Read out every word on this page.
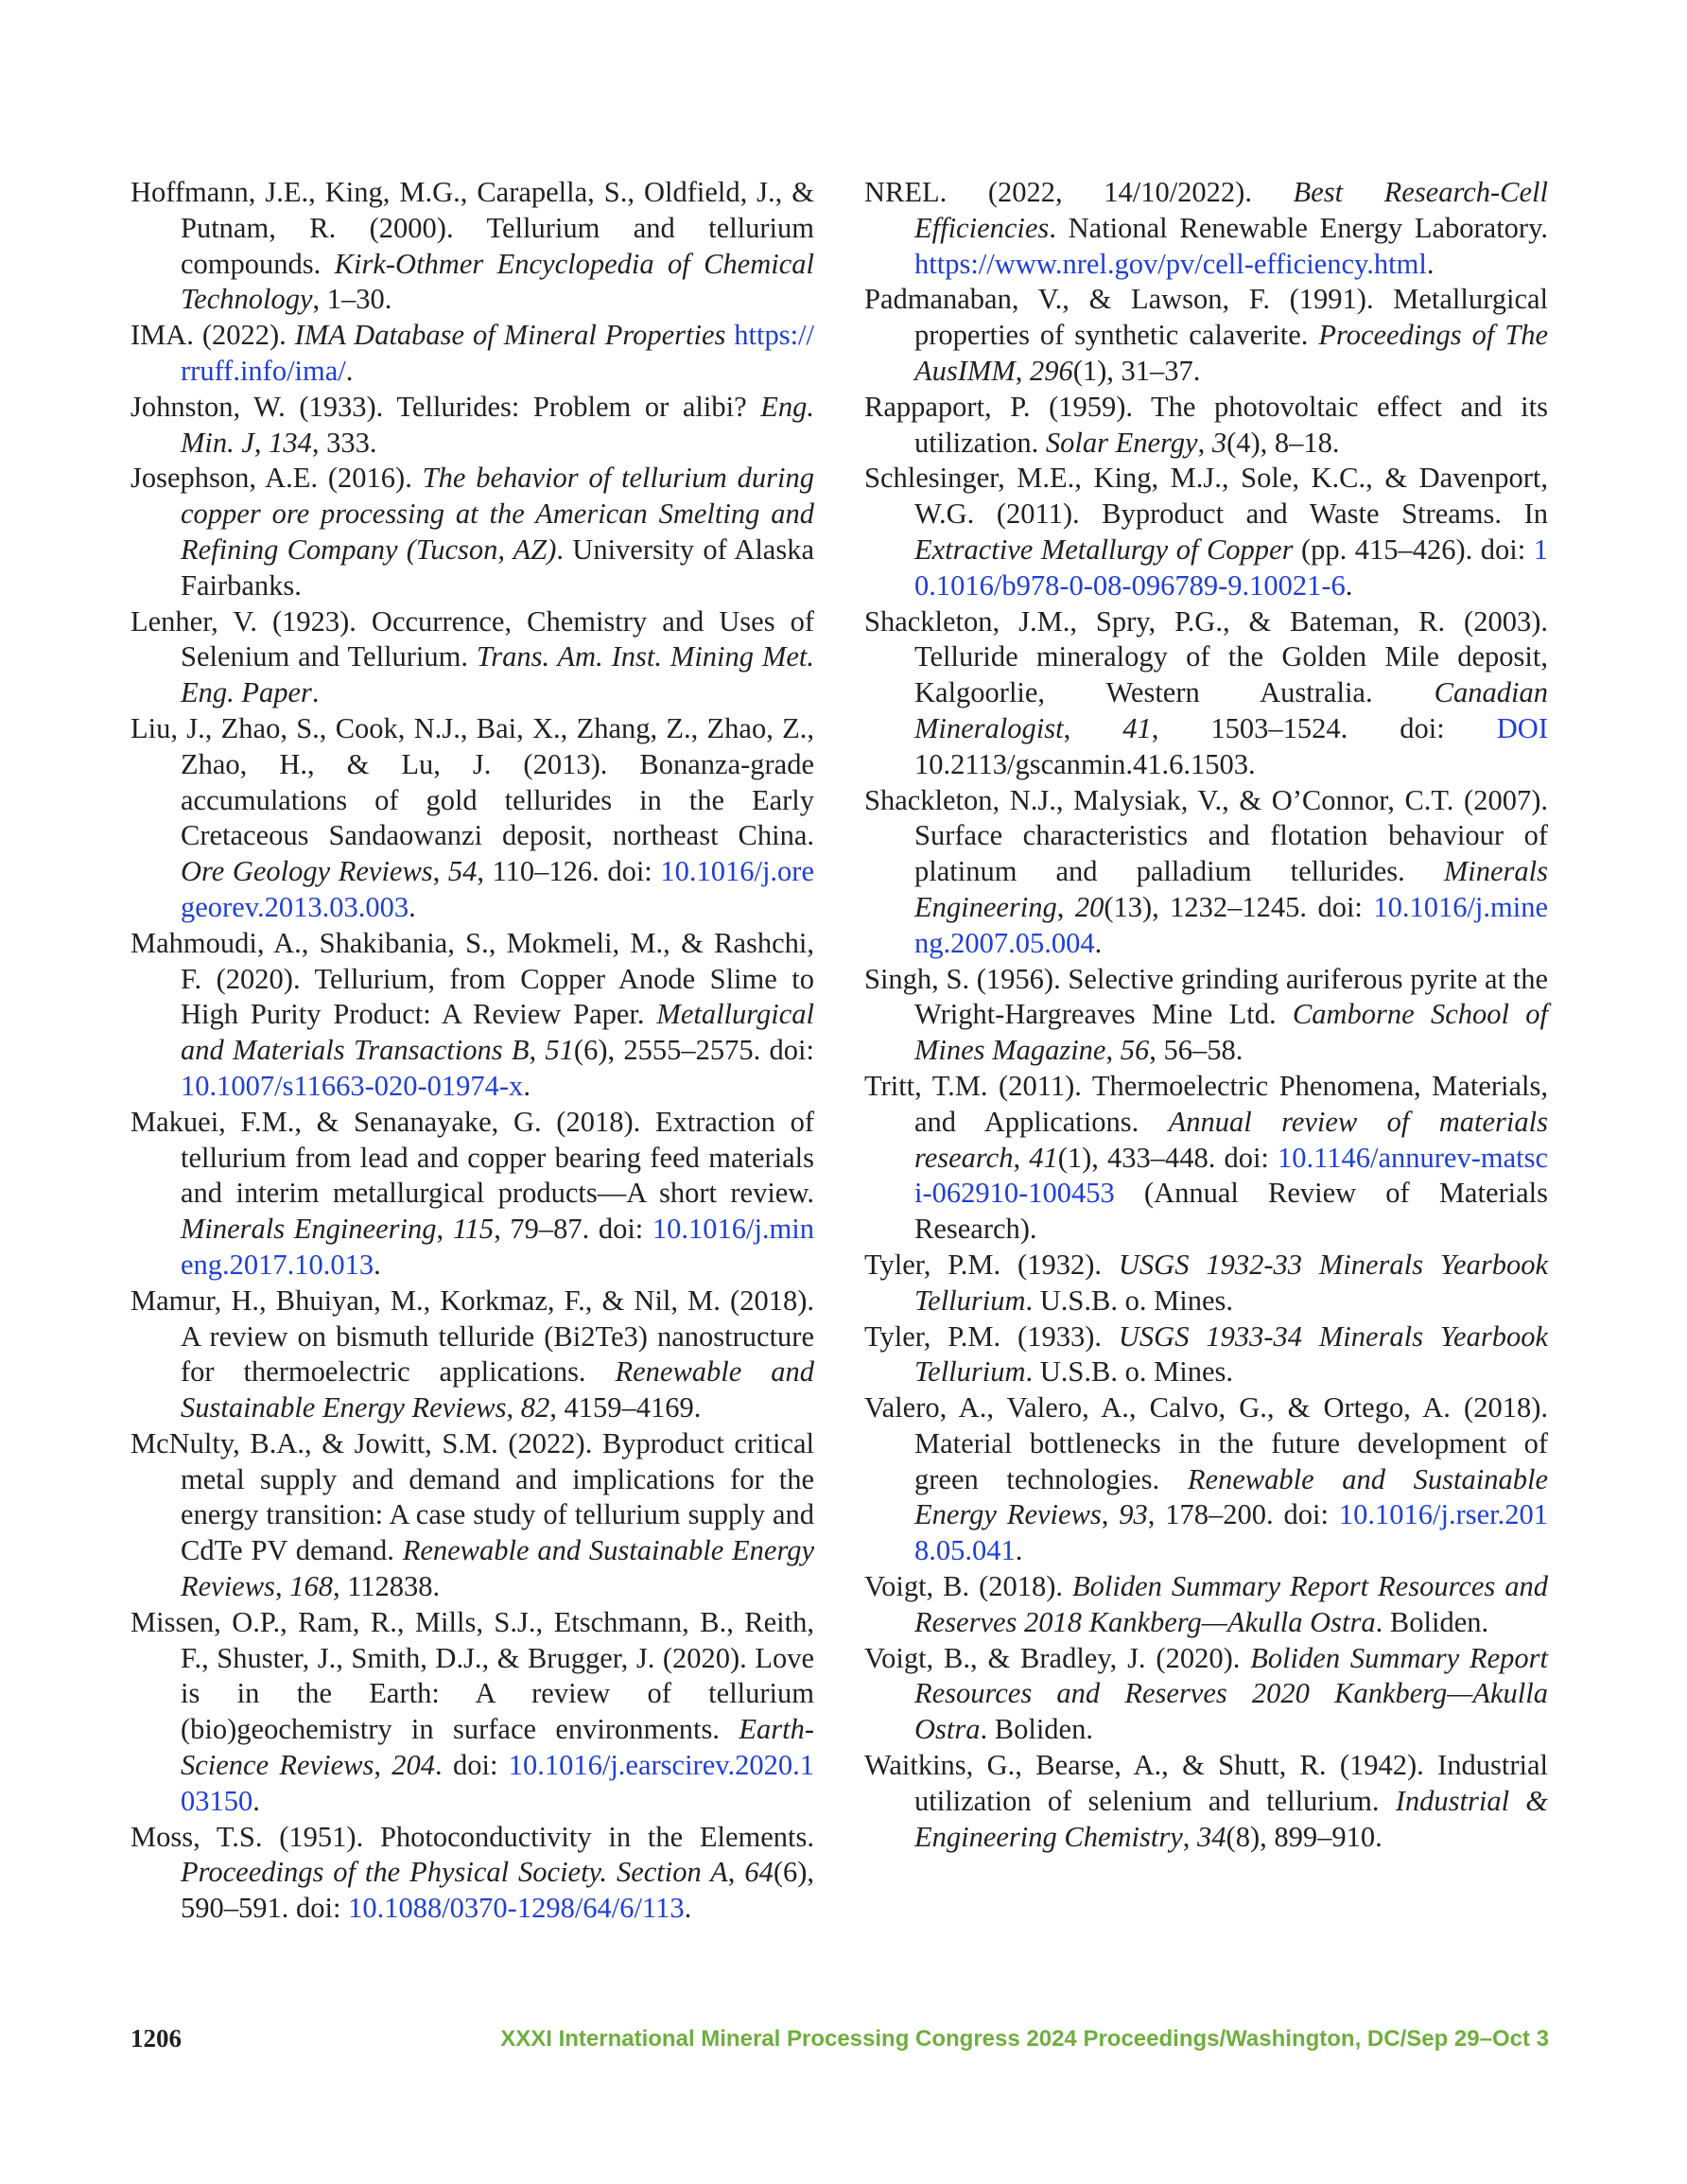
Hoffmann, J.E., King, M.G., Carapella, S., Oldfield, J., & Putnam, R. (2000). Tellurium and tellurium compounds. Kirk-Othmer Encyclopedia of Chemical Technology, 1–30.

IMA. (2022). IMA Database of Mineral Properties https://rruff.info/ima/.

Johnston, W. (1933). Tellurides: Problem or alibi? Eng. Min. J, 134, 333.

Josephson, A.E. (2016). The behavior of tellurium during copper ore processing at the American Smelting and Refining Company (Tucson, AZ). University of Alaska Fairbanks.

Lenher, V. (1923). Occurrence, Chemistry and Uses of Selenium and Tellurium. Trans. Am. Inst. Mining Met. Eng. Paper.

Liu, J., Zhao, S., Cook, N.J., Bai, X., Zhang, Z., Zhao, Z., Zhao, H., & Lu, J. (2013). Bonanza-grade accumulations of gold tellurides in the Early Cretaceous Sandaowanzi deposit, northeast China. Ore Geology Reviews, 54, 110–126. doi: 10.1016/j.oregeorev.2013.03.003.

Mahmoudi, A., Shakibania, S., Mokmeli, M., & Rashchi, F. (2020). Tellurium, from Copper Anode Slime to High Purity Product: A Review Paper. Metallurgical and Materials Transactions B, 51(6), 2555–2575. doi: 10.1007/s11663-020-01974-x.

Makuei, F.M., & Senanayake, G. (2018). Extraction of tellurium from lead and copper bearing feed materials and interim metallurgical products—A short review. Minerals Engineering, 115, 79–87. doi: 10.1016/j.mineng.2017.10.013.

Mamur, H., Bhuiyan, M., Korkmaz, F., & Nil, M. (2018). A review on bismuth telluride (Bi2Te3) nanostructure for thermoelectric applications. Renewable and Sustainable Energy Reviews, 82, 4159–4169.

McNulty, B.A., & Jowitt, S.M. (2022). Byproduct critical metal supply and demand and implications for the energy transition: A case study of tellurium supply and CdTe PV demand. Renewable and Sustainable Energy Reviews, 168, 112838.

Missen, O.P., Ram, R., Mills, S.J., Etschmann, B., Reith, F., Shuster, J., Smith, D.J., & Brugger, J. (2020). Love is in the Earth: A review of tellurium (bio)geochemistry in surface environments. Earth-Science Reviews, 204. doi: 10.1016/j.earscirev.2020.103150.

Moss, T.S. (1951). Photoconductivity in the Elements. Proceedings of the Physical Society. Section A, 64(6), 590–591. doi: 10.1088/0370-1298/64/6/113.

NREL. (2022, 14/10/2022). Best Research-Cell Efficiencies. National Renewable Energy Laboratory. https://www.nrel.gov/pv/cell-efficiency.html.

Padmanaban, V., & Lawson, F. (1991). Metallurgical properties of synthetic calaverite. Proceedings of The AusIMM, 296(1), 31–37.

Rappaport, P. (1959). The photovoltaic effect and its utilization. Solar Energy, 3(4), 8–18.

Schlesinger, M.E., King, M.J., Sole, K.C., & Davenport, W.G. (2011). Byproduct and Waste Streams. In Extractive Metallurgy of Copper (pp. 415–426). doi: 10.1016/b978-0-08-096789-9.10021-6.

Shackleton, J.M., Spry, P.G., & Bateman, R. (2003). Telluride mineralogy of the Golden Mile deposit, Kalgoorlie, Western Australia. Canadian Mineralogist, 41, 1503–1524. doi: DOI 10.2113/gscanmin.41.6.1503.

Shackleton, N.J., Malysiak, V., & O’Connor, C.T. (2007). Surface characteristics and flotation behaviour of platinum and palladium tellurides. Minerals Engineering, 20(13), 1232–1245. doi: 10.1016/j.mineng.2007.05.004.

Singh, S. (1956). Selective grinding auriferous pyrite at the Wright-Hargreaves Mine Ltd. Camborne School of Mines Magazine, 56, 56–58.

Tritt, T.M. (2011). Thermoelectric Phenomena, Materials, and Applications. Annual review of materials research, 41(1), 433–448. doi: 10.1146/annurev-matsci-062910-100453 (Annual Review of Materials Research).

Tyler, P.M. (1932). USGS 1932-33 Minerals Yearbook Tellurium. U.S.B. o. Mines.

Tyler, P.M. (1933). USGS 1933-34 Minerals Yearbook Tellurium. U.S.B. o. Mines.

Valero, A., Valero, A., Calvo, G., & Ortego, A. (2018). Material bottlenecks in the future development of green technologies. Renewable and Sustainable Energy Reviews, 93, 178–200. doi: 10.1016/j.rser.2018.05.041.

Voigt, B. (2018). Boliden Summary Report Resources and Reserves 2018 Kankberg—Akulla Ostra. Boliden.

Voigt, B., & Bradley, J. (2020). Boliden Summary Report Resources and Reserves 2020 Kankberg—Akulla Ostra. Boliden.

Waitkins, G., Bearse, A., & Shutt, R. (1942). Industrial utilization of selenium and tellurium. Industrial & Engineering Chemistry, 34(8), 899–910.

1206	XXXI International Mineral Processing Congress 2024 Proceedings/Washington, DC/Sep 29–Oct 3
